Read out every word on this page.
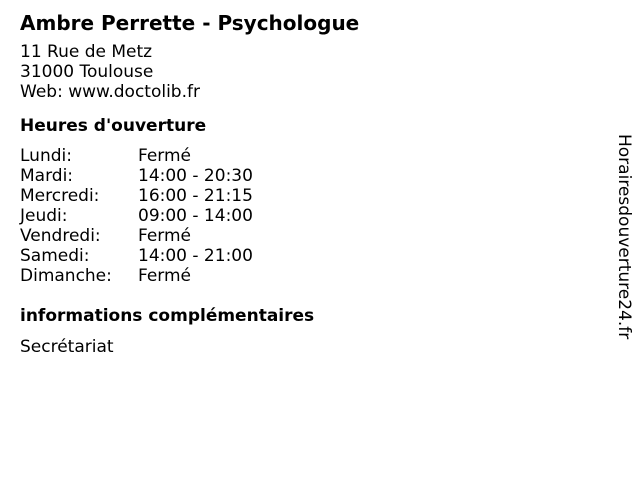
Ambre Perrette - Psychologue
11 Rue de Metz
31000 Toulouse
Web: www.doctolib.fr
Heures d'ouverture
Lundi:	Fermé
Mardi:	14:00 - 20:30
Mercredi:	16:00 - 21:15
Jeudi:	09:00 - 14:00
Vendredi:	Fermé
Samedi:	14:00 - 21:00
Dimanche:	Fermé
informations complémentaires
Secrétariat
Horairesdouverture24.fr
